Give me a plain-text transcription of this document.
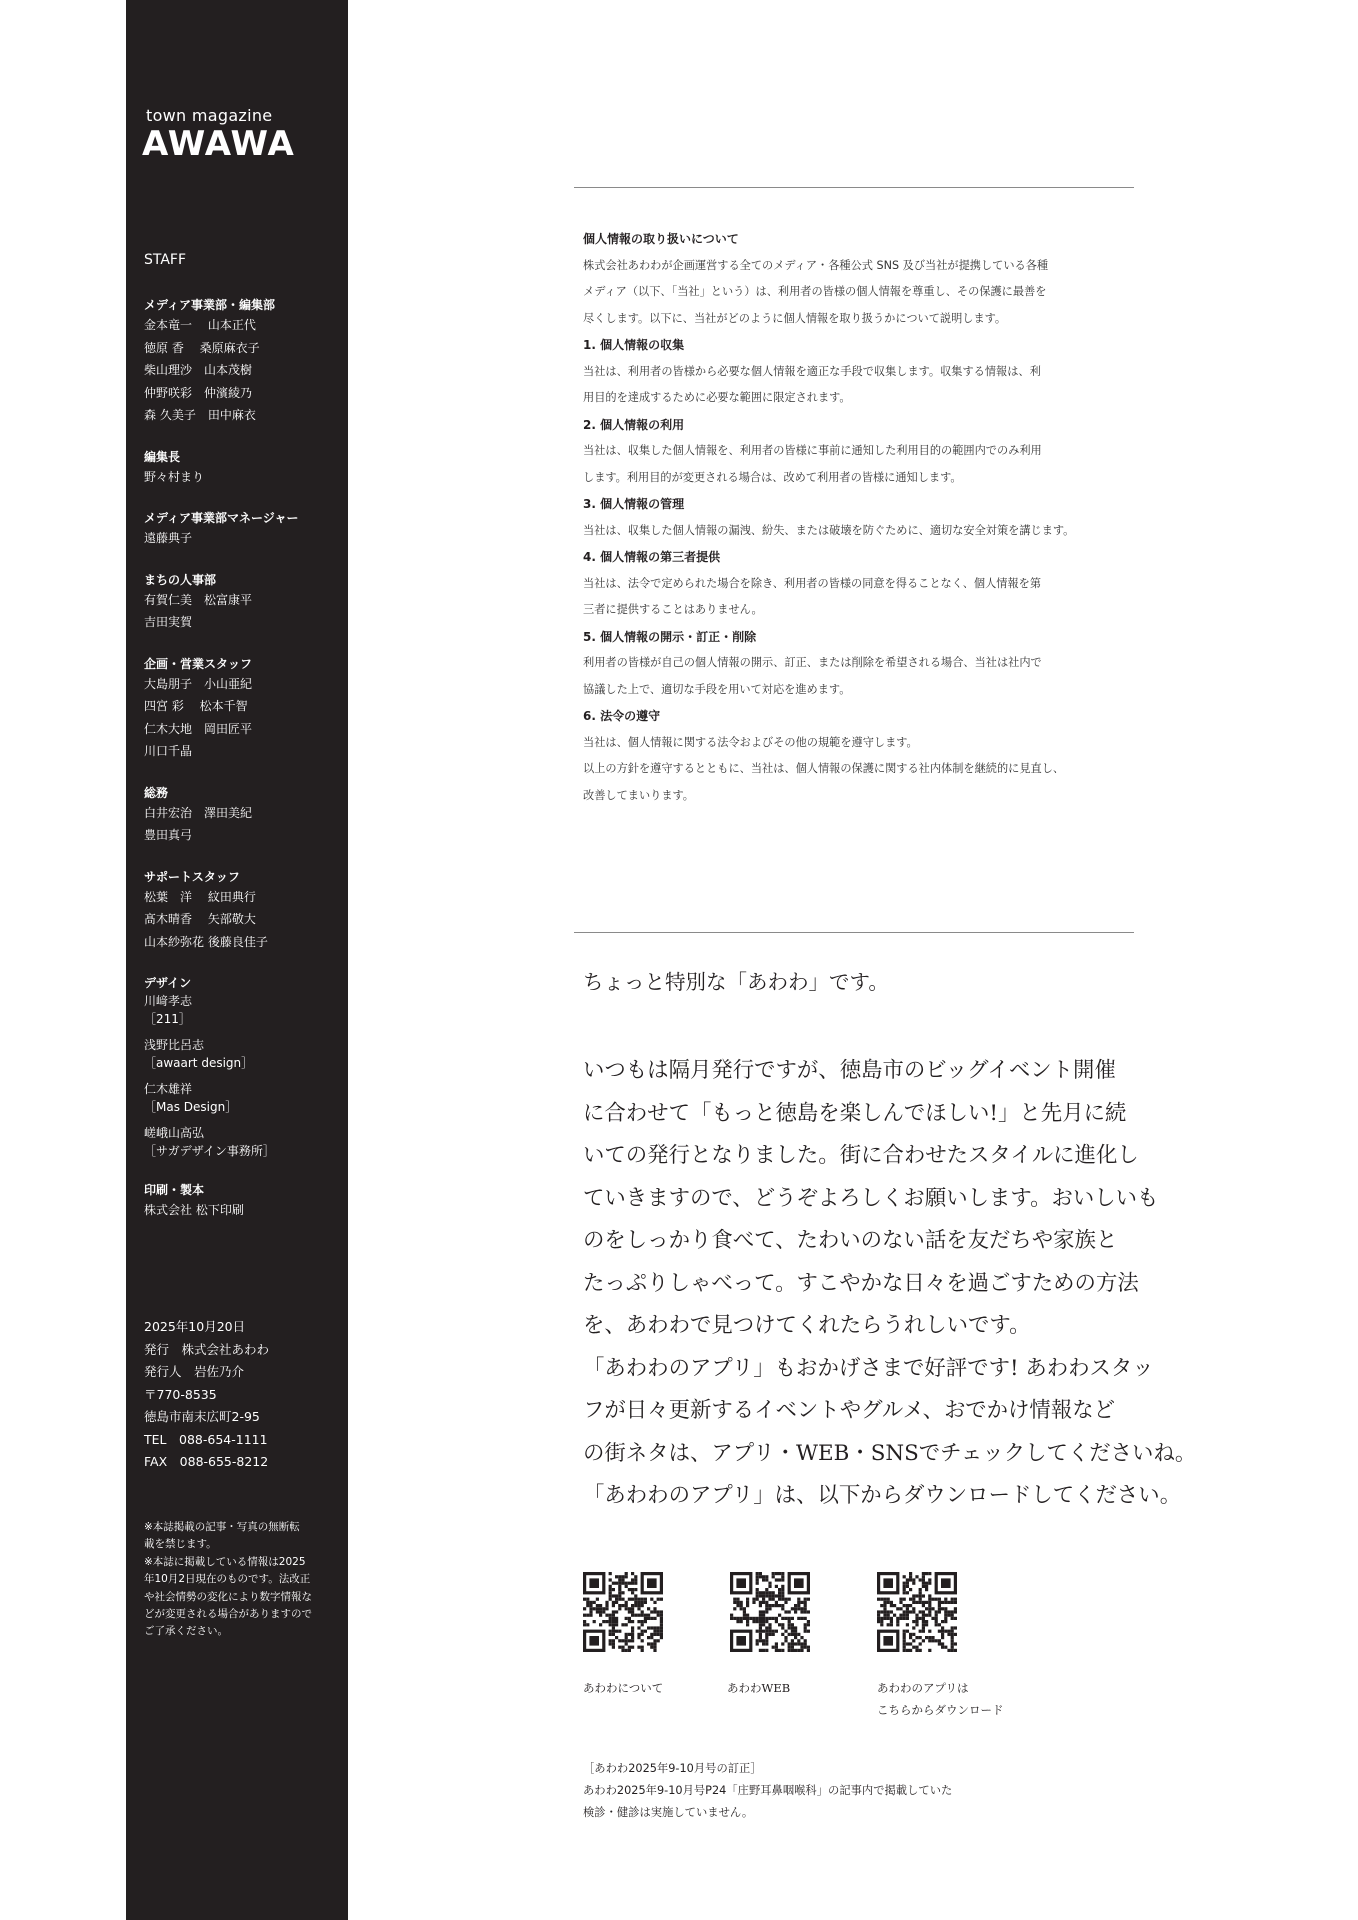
town magazine
AWAWA
STAFF
メディア事業部・編集部
金本竜一　 山本正代
徳原 香　 桑原麻衣子
柴山理沙　山本茂樹
仲野咲彩　仲濱綾乃
森 久美子　田中麻衣
編集長
野々村まり
メディア事業部マネージャー
遠藤典子
まちの人事部
有賀仁美　松富康平
吉田実賀
企画・営業スタッフ
大島朋子　小山亜紀
四宮 彩　 松本千智
仁木大地　岡田匠平
川口千晶
総務
白井宏治　澤田美紀
豊田真弓
サポートスタッフ
松葉　洋　 紋田典行
髙木晴香　 矢部敬大
山本紗弥花 後藤良佳子
デザイン
川﨑孝志
［211］
浅野比呂志
［awaart design］
仁木雄祥
［Mas Design］
嵯峨山高弘
［サガデザイン事務所］
印刷・製本
株式会社 松下印刷
2025年10月20日
発行　株式会社あわわ
発行人　岩佐乃介
〒770-8535
徳島市南末広町2-95
TEL　088-654-1111
FAX　088-655-8212
※本誌掲載の記事・写真の無断転
載を禁じます。
※本誌に掲載している情報は2025
年10月2日現在のものです。法改正
や社会情勢の変化により数字情報な
どが変更される場合がありますので
ご了承ください。
個人情報の取り扱いについて
株式会社あわわが企画運営する全てのメディア・各種公式 SNS 及び当社が提携している各種
メディア（以下、「当社」という）は、利用者の皆様の個人情報を尊重し、その保護に最善を
尽くします。以下に、当社がどのように個人情報を取り扱うかについて説明します。
1. 個人情報の収集
当社は、利用者の皆様から必要な個人情報を適正な手段で収集します。収集する情報は、利
用目的を達成するために必要な範囲に限定されます。
2. 個人情報の利用
当社は、収集した個人情報を、利用者の皆様に事前に通知した利用目的の範囲内でのみ利用
します。利用目的が変更される場合は、改めて利用者の皆様に通知します。
3. 個人情報の管理
当社は、収集した個人情報の漏洩、紛失、または破壊を防ぐために、適切な安全対策を講じます。
4. 個人情報の第三者提供
当社は、法令で定められた場合を除き、利用者の皆様の同意を得ることなく、個人情報を第
三者に提供することはありません。
5. 個人情報の開示・訂正・削除
利用者の皆様が自己の個人情報の開示、訂正、または削除を希望される場合、当社は社内で
協議した上で、適切な手段を用いて対応を進めます。
6. 法令の遵守
当社は、個人情報に関する法令およびその他の規範を遵守します。
以上の方針を遵守するとともに、当社は、個人情報の保護に関する社内体制を継続的に見直し、
改善してまいります。
ちょっと特別な「あわわ」です。
いつもは隔月発行ですが、徳島市のビッグイベント開催
に合わせて「もっと徳島を楽しんでほしい!」と先月に続
いての発行となりました。街に合わせたスタイルに進化し
ていきますので、どうぞよろしくお願いします。おいしいも
のをしっかり食べて、たわいのない話を友だちや家族と
たっぷりしゃべって。すこやかな日々を過ごすための方法
を、あわわで見つけてくれたらうれしいです。
「あわわのアプリ」もおかげさまで好評です! あわわスタッ
フが日々更新するイベントやグルメ、おでかけ情報など
の街ネタは、アプリ・WEB・SNSでチェックしてくださいね。
「あわわのアプリ」は、以下からダウンロードしてください。
あわわについて	あわわWEB	あわわのアプリは
こちらからダウンロード
［あわわ2025年9-10月号の訂正］
あわわ2025年9-10月号P24「庄野耳鼻咽喉科」の記事内で掲載していた
検診・健診は実施していません。
